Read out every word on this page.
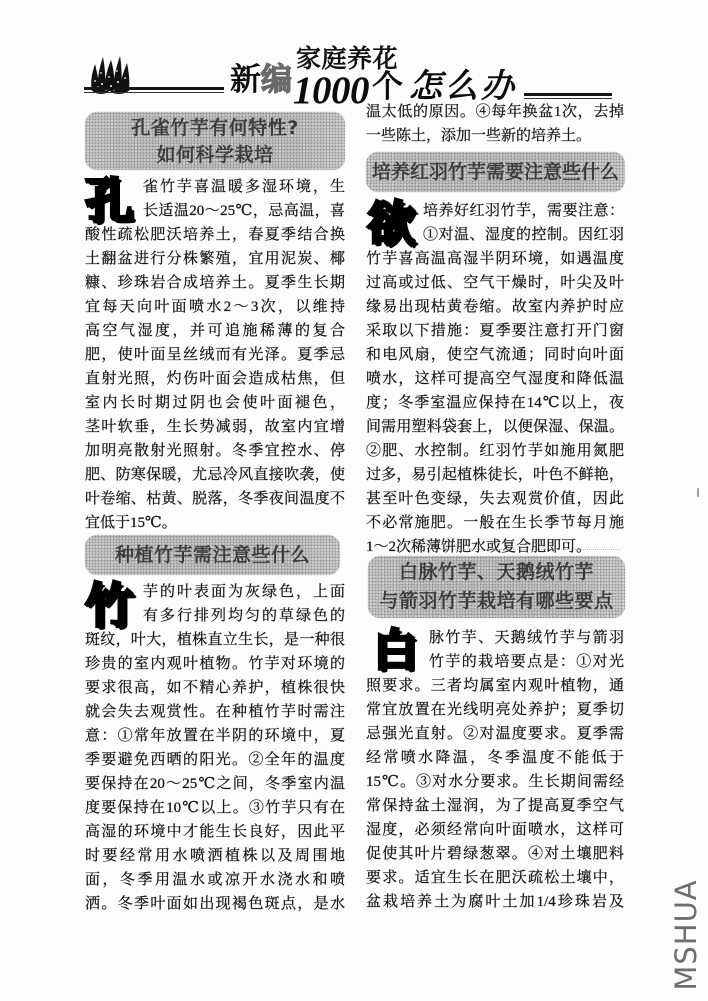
新 编
家庭养花
1000 个 怎么办
孔雀竹芋有何特性?
如何科学栽培
孔 雀竹芋喜温暖多湿环境，生
长适温20～25℃，忌高温，喜
酸性疏松肥沃培养土，春夏季结合换
土翻盆进行分株繁殖，宜用泥炭、椰
糠、珍珠岩合成培养土。夏季生长期
宜每天向叶面喷水2～3次，以维持
高空气湿度，并可追施稀薄的复合
肥，使叶面呈丝绒而有光泽。夏季忌
直射光照，灼伤叶面会造成枯焦，但
室内长时期过阴也会使叶面褪色，
茎叶软垂，生长势减弱，故室内宜增
加明亮散射光照射。冬季宜控水、停
肥、防寒保暖，尤忌冷风直接吹袭，使
叶卷缩、枯黄、脱落，冬季夜间温度不
宜低于15℃。
种植竹芋需注意些什么
竹 芋的叶表面为灰绿色，上面
有多行排列均匀的草绿色的
斑纹，叶大，植株直立生长，是一种很
珍贵的室内观叶植物。竹芋对环境的
要求很高，如不精心养护，植株很快
就会失去观赏性。在种植竹芋时需注
意：①常年放置在半阴的环境中，夏
季要避免西晒的阳光。②全年的温度
要保持在20～25℃之间，冬季室内温
度要保持在10℃以上。③竹芋只有在
高湿的环境中才能生长良好，因此平
时要经常用水喷洒植株以及周围地
面，冬季用温水或凉开水浇水和喷
洒。冬季叶面如出现褐色斑点，是水
温太低的原因。④每年换盆1次，去掉
一些陈土，添加一些新的培养土。
培养红羽竹芋需要注意些什么
欲 培养好红羽竹芋，需要注意：
①对温、湿度的控制。因红羽
竹芋喜高温高湿半阴环境，如遇温度
过高或过低、空气干燥时，叶尖及叶
缘易出现枯黄卷缩。故室内养护时应
采取以下措施：夏季要注意打开门窗
和电风扇，使空气流通；同时向叶面
喷水，这样可提高空气湿度和降低温
度；冬季室温应保持在14℃以上，夜
间需用塑料袋套上，以便保湿、保温。
②肥、水控制。红羽竹芋如施用氮肥
过多，易引起植株徒长，叶色不鲜艳，
甚至叶色变绿，失去观赏价值，因此
不必常施肥。一般在生长季节每月施
1～2次稀薄饼肥水或复合肥即可。
白脉竹芋、天鹅绒竹芋
与箭羽竹芋栽培有哪些要点
白 脉竹芋、天鹅绒竹芋与箭羽
竹芋的栽培要点是：①对光
照要求。三者均属室内观叶植物，通
常宜放置在光线明亮处养护；夏季切
忌强光直射。②对温度要求。夏季需
经常喷水降温，冬季温度不能低于
15℃。③对水分要求。生长期间需经
常保持盆土湿润，为了提高夏季空气
湿度，必须经常向叶面喷水，这样可
促使其叶片碧绿葱翠。④对土壤肥料
要求。适宜生长在肥沃疏松土壤中，
盆栽培养土为腐叶土加1/4珍珠岩及 MSHUA
